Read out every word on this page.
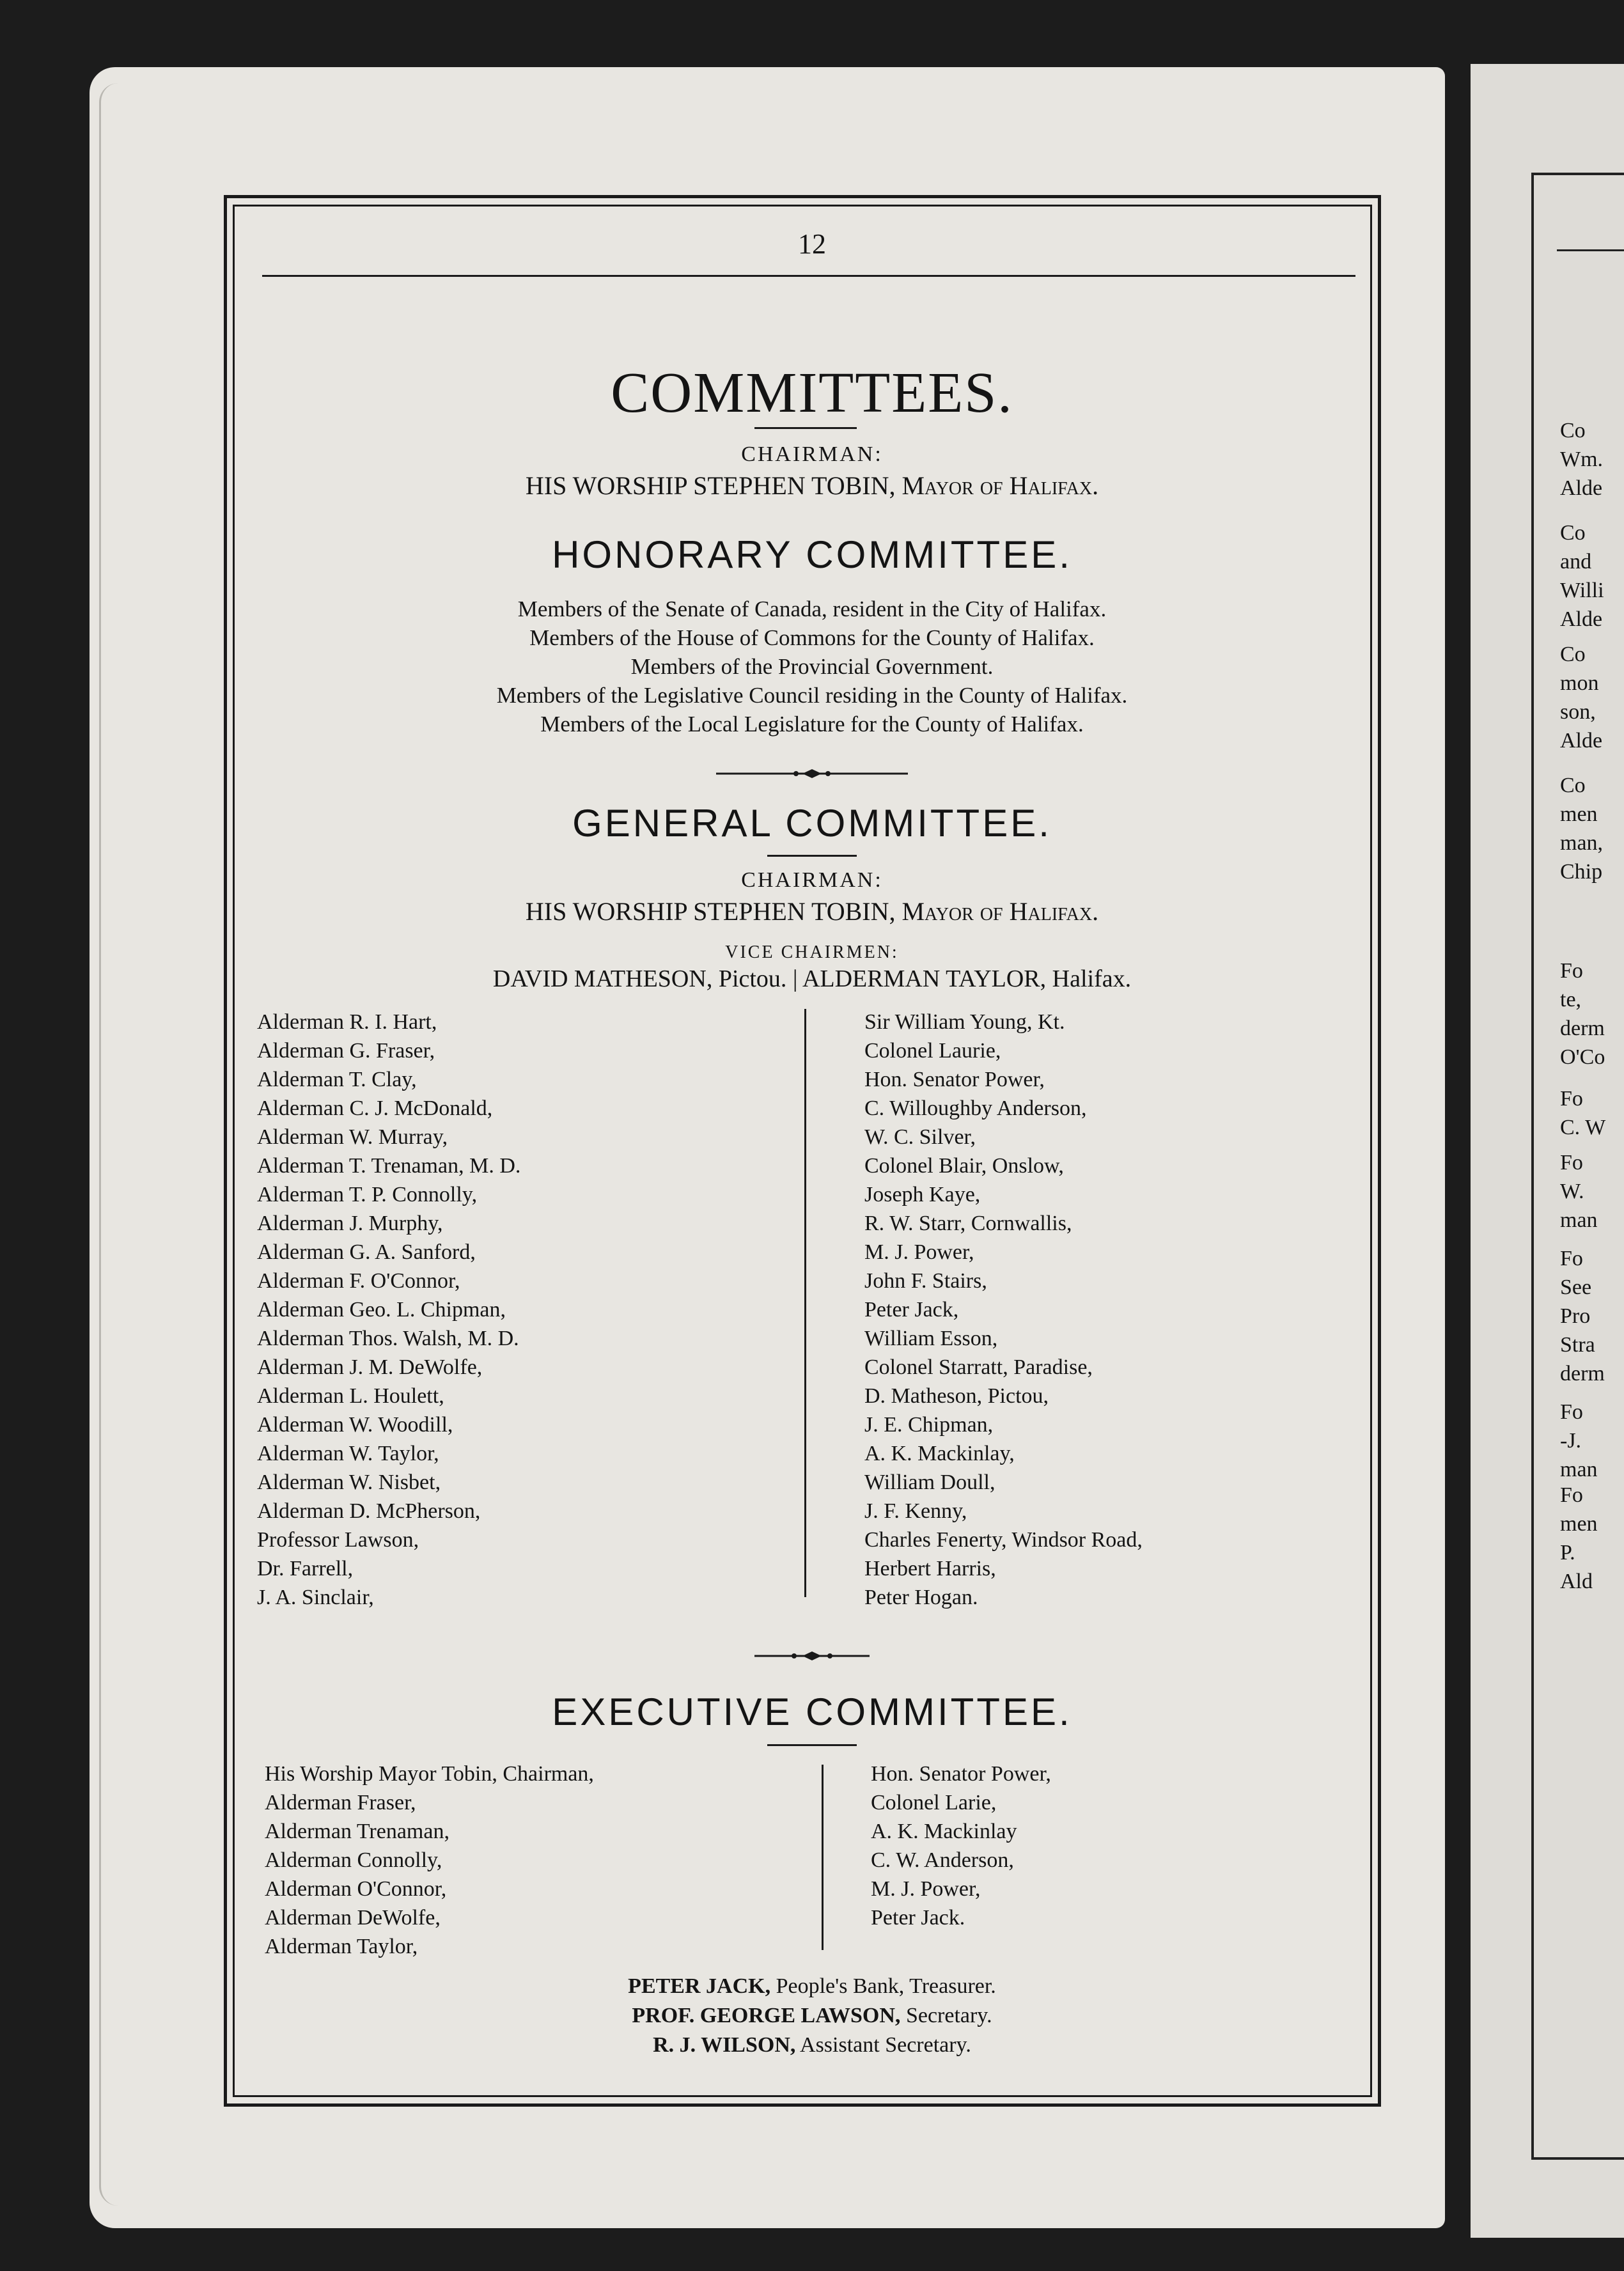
Co
Wm.
Alde
Co
and
Willi
Alde
Co
mon
son,
Alde
Co
men
man,
Chip
Fo
te,
derm
O'Co
Fo
C. W
Fo
W.
man
Fo
See
Pro
Stra
derm
Fo
-J.
man
Fo
men
P.
Ald
12
COMMITTEES.
CHAIRMAN:
HIS WORSHIP STEPHEN TOBIN, Mayor of Halifax.
HONORARY COMMITTEE.
Members of the Senate of Canada, resident in the City of Halifax.
Members of the House of Commons for the County of Halifax.
Members of the Provincial Government.
Members of the Legislative Council residing in the County of Halifax.
Members of the Local Legislature for the County of Halifax.
GENERAL COMMITTEE.
CHAIRMAN:
HIS WORSHIP STEPHEN TOBIN, Mayor of Halifax.
VICE CHAIRMEN:
DAVID MATHESON, Pictou. | ALDERMAN TAYLOR, Halifax.
Alderman R. I. Hart,
Alderman G. Fraser,
Alderman T. Clay,
Alderman C. J. McDonald,
Alderman W. Murray,
Alderman T. Trenaman, M. D.
Alderman T. P. Connolly,
Alderman J. Murphy,
Alderman G. A. Sanford,
Alderman F. O'Connor,
Alderman Geo. L. Chipman,
Alderman Thos. Walsh, M. D.
Alderman J. M. DeWolfe,
Alderman L. Houlett,
Alderman W. Woodill,
Alderman W. Taylor,
Alderman W. Nisbet,
Alderman D. McPherson,
Professor Lawson,
Dr. Farrell,
J. A. Sinclair,
Sir William Young, Kt.
Colonel Laurie,
Hon. Senator Power,
C. Willoughby Anderson,
W. C. Silver,
Colonel Blair, Onslow,
Joseph Kaye,
R. W. Starr, Cornwallis,
M. J. Power,
John F. Stairs,
Peter Jack,
William Esson,
Colonel Starratt, Paradise,
D. Matheson, Pictou,
J. E. Chipman,
A. K. Mackinlay,
William Doull,
J. F. Kenny,
Charles Fenerty, Windsor Road,
Herbert Harris,
Peter Hogan.
EXECUTIVE COMMITTEE.
His Worship Mayor Tobin, Chairman,
Alderman Fraser,
Alderman Trenaman,
Alderman Connolly,
Alderman O'Connor,
Alderman DeWolfe,
Alderman Taylor,
Hon. Senator Power,
Colonel Larie,
A. K. Mackinlay
C. W. Anderson,
M. J. Power,
Peter Jack.
PETER JACK, People's Bank, Treasurer.
PROF. GEORGE LAWSON, Secretary.
R. J. WILSON, Assistant Secretary.
